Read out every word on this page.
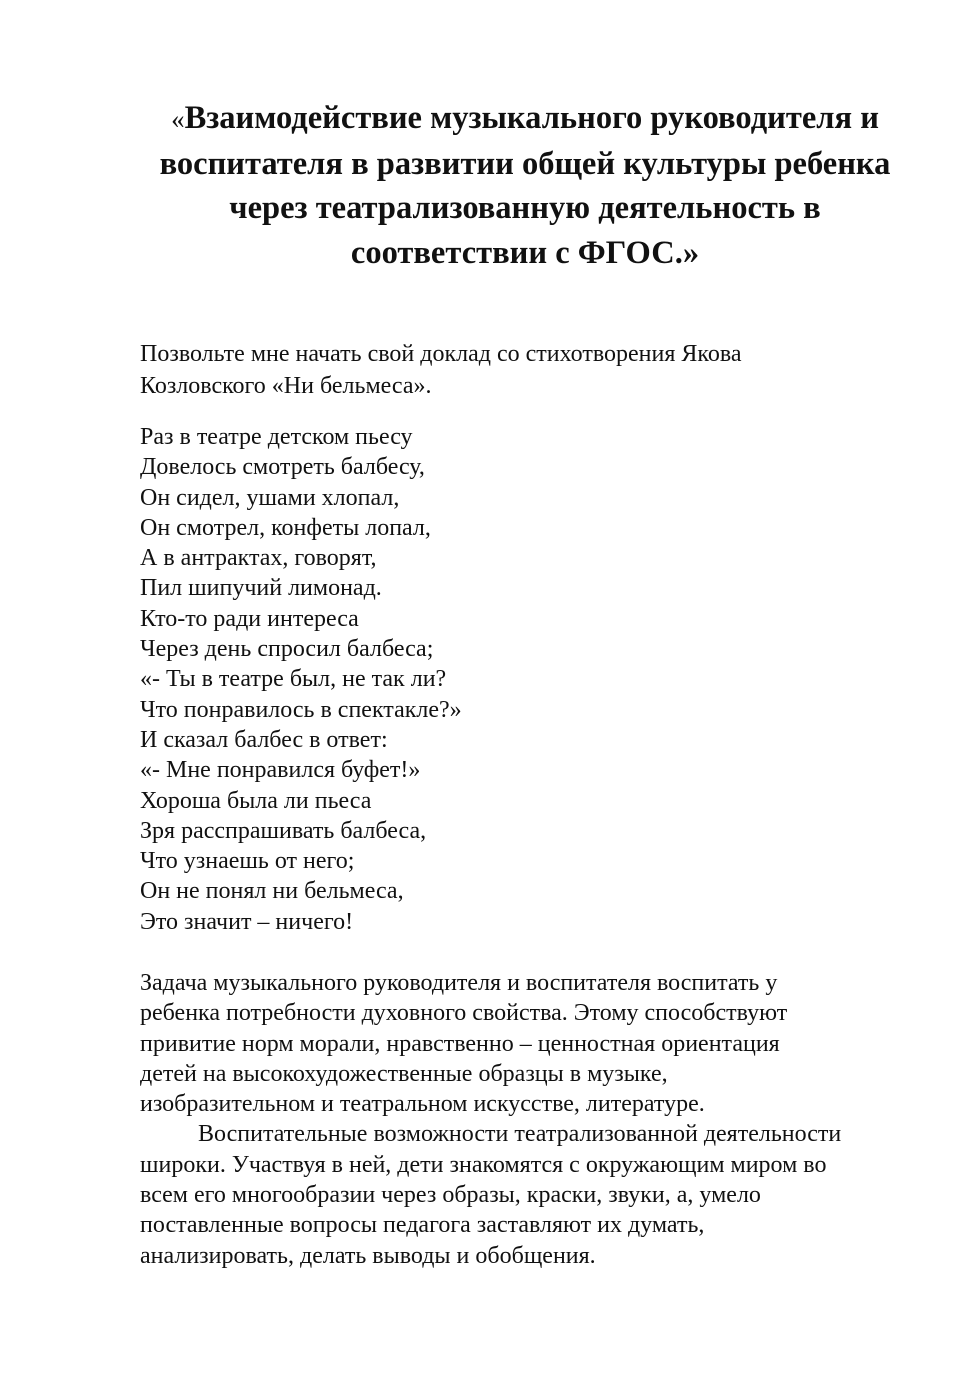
«Взаимодействие музыкального руководителя и
воспитателя в развитии общей культуры ребенка
через театрализованную деятельность в
соответствии с ФГОС.»

Позвольте мне начать свой доклад со стихотворения Якова
Козловского «Ни бельмеса».

Раз в театре детском пьесу
Довелось смотреть балбесу,
Он сидел, ушами хлопал,
Он смотрел, конфеты лопал,
А в антрактах, говорят,
Пил шипучий лимонад.
Кто-то ради интереса
Через день спросил балбеса;
«- Ты в театре был, не так ли?
Что понравилось в спектакле?»
И сказал балбес в ответ:
«- Мне понравился буфет!»
Хороша была ли пьеса
Зря расспрашивать балбеса,
Что узнаешь от него;
Он не понял ни бельмеса,
Это значит – ничего!
Задача музыкального руководителя и воспитателя воспитать у
ребенка потребности духовного свойства. Этому способствуют
привитие норм морали, нравственно – ценностная ориентация
детей на высокохудожественные образцы в музыке,
изобразительном и театральном искусстве, литературе.
Воспитательные возможности театрализованной деятельности
широки. Участвуя в ней, дети знакомятся с окружающим миром во
всем его многообразии через образы, краски, звуки, а, умело
поставленные вопросы педагога заставляют их думать,
анализировать, делать выводы и обобщения.
